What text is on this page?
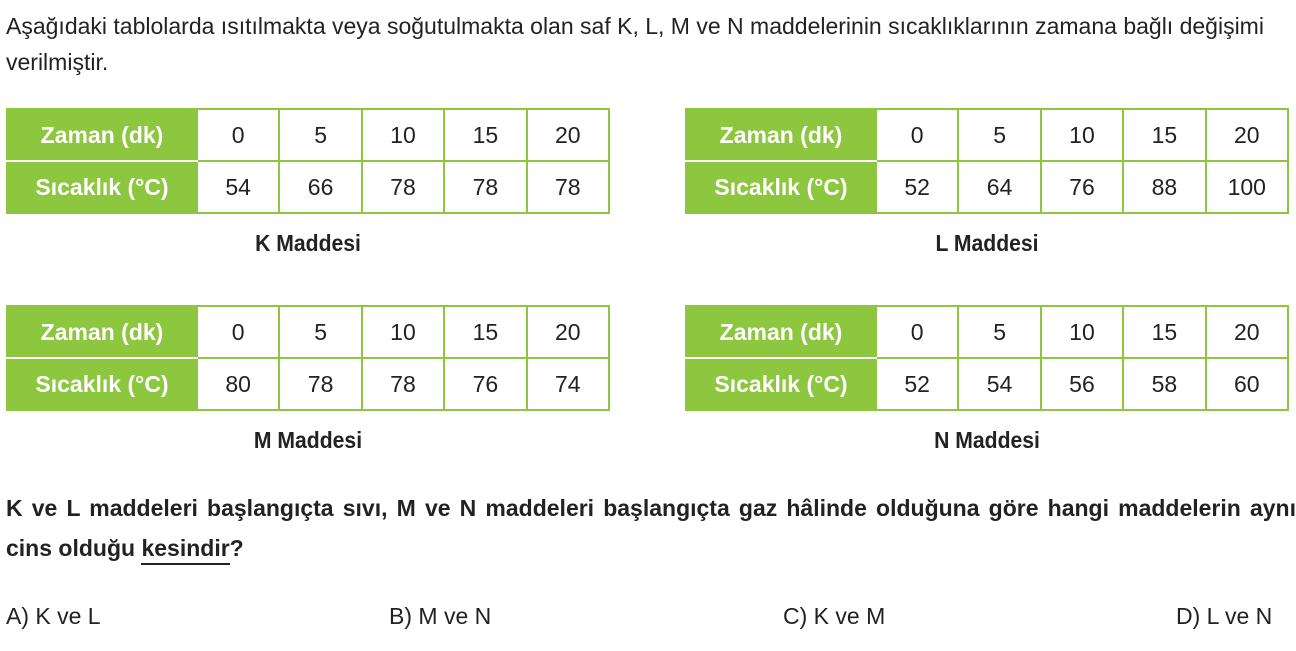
Aşağıdaki tablolarda ısıtılmakta veya soğutulmakta olan saf K, L, M ve N maddelerinin sıcaklıklarının zamana bağlı değişimi verilmiştir.

Zaman (dk)	0	5	10	15	20
Sıcaklık (°C)	54	66	78	78	78

K Maddesi

Zaman (dk)	0	5	10	15	20
Sıcaklık (°C)	52	64	76	88	100

L Maddesi

Zaman (dk)	0	5	10	15	20
Sıcaklık (°C)	80	78	78	76	74

M Maddesi

Zaman (dk)	0	5	10	15	20
Sıcaklık (°C)	52	54	56	58	60

N Maddesi

K ve L maddeleri başlangıçta sıvı, M ve N maddeleri başlangıçta gaz hâlinde olduğuna göre hangi maddelerin aynı cins olduğu kesindir?

A) K ve L	B) M ve N	C) K ve M	D) L ve N
